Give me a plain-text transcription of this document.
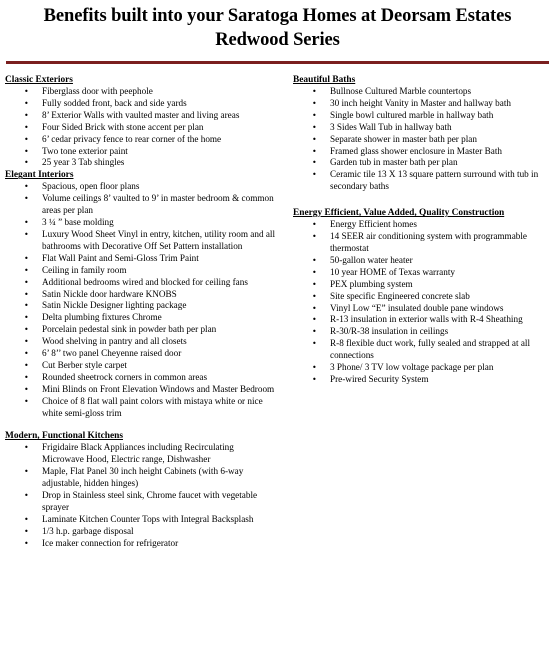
Benefits built into your Saratoga Homes at Deorsam Estates
Redwood Series
Classic Exteriors
• Fiberglass door with peephole
• Fully sodded front, back and side yards
• 8’ Exterior Walls with vaulted master and living areas
• Four Sided Brick with stone accent per plan
• 6’ cedar privacy fence to rear corner of the home
• Two tone exterior paint
• 25 year 3 Tab shingles
Elegant Interiors
• Spacious, open floor plans
• Volume ceilings 8’ vaulted to 9’ in master bedroom & common areas per plan
• 3 ¼ ” base molding
• Luxury Wood Sheet Vinyl in entry, kitchen, utility room and all bathrooms with Decorative Off Set Pattern installation
• Flat Wall Paint and Semi-Gloss Trim Paint
• Ceiling in family room
• Additional bedrooms wired and blocked for ceiling fans
• Satin Nickle door hardware KNOBS
• Satin Nickle Designer lighting package
• Delta plumbing fixtures Chrome
• Porcelain pedestal sink in powder bath per plan
• Wood shelving in pantry and all closets
• 6’ 8’’ two panel Cheyenne raised door
• Cut Berber style carpet
• Rounded sheetrock corners in common areas
• Mini Blinds on Front Elevation Windows and Master Bedroom
• Choice of 8 flat wall paint colors with mistaya white or nice white semi-gloss trim
Modern, Functional Kitchens
• Frigidaire Black Appliances including Recirculating Microwave Hood, Electric range, Dishwasher
• Maple, Flat Panel 30 inch height Cabinets (with 6-way adjustable, hidden hinges)
• Drop in Stainless steel sink, Chrome faucet with vegetable sprayer
• Laminate Kitchen Counter Tops with Integral Backsplash
• 1/3 h.p. garbage disposal
• Ice maker connection for refrigerator
Beautiful Baths
• Bullnose Cultured Marble countertops
• 30 inch height Vanity in Master and hallway bath
• Single bowl cultured marble in hallway bath
• 3 Sides Wall Tub in hallway bath
• Separate shower in master bath per plan
• Framed glass shower enclosure in Master Bath
• Garden tub in master bath per plan
• Ceramic tile 13 X 13 square pattern surround with tub in secondary baths
Energy Efficient, Value Added, Quality Construction
• Energy Efficient homes
• 14 SEER air conditioning system with programmable thermostat
• 50-gallon water heater
• 10 year HOME of Texas warranty
• PEX plumbing system
• Site specific Engineered concrete slab
• Vinyl Low “E” insulated double pane windows
• R-13 insulation in exterior walls with R-4 Sheathing
• R-30/R-38 insulation in ceilings
• R-8 flexible duct work, fully sealed and strapped at all connections
• 3 Phone/ 3 TV low voltage package per plan
• Pre-wired Security System
